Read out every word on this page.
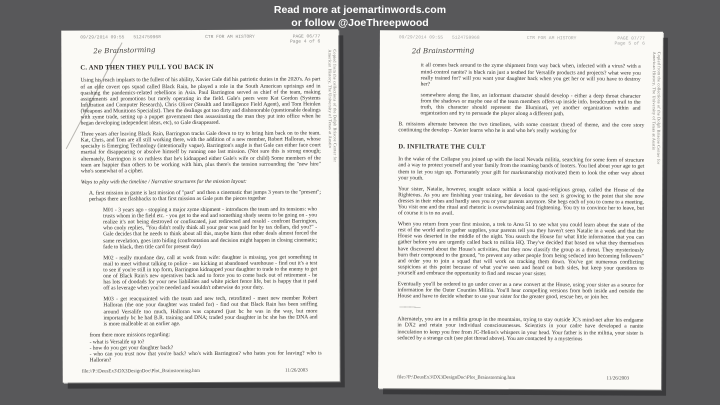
Read more at joemartinwords.com
or follow @JoeThreepwood
09/29/2014 09:55 5124759968	CTR FOR AM HISTORY	PAGE 06/77
Page 4 of 6
2e Brainstorming
C. AND THEN THEY PULL YOU BACK IN

Using his reach implants to the fullest of his ability, Xavier Gale did his patriotic duties in the 2020's. As part of an elite covert ops squad called Black Rain, he played a role in the South American uprisings and in quashing the pandemics-related rebellions in Asia. Paul Barrington served as chief of the team, making assignments and promotions but rarely operating in the field. Gale's peers were Kat Gordon (Systems Infiltration and Computer Research), Chris Oliver (Stealth and Intelligence Field Agent), and Tom Heinlen (Weapons and Munitions Specialist). Then the dealings got too dirty and dishonorable (questionable dealings with zyme trade, setting up a puppet government then assassinating the man they put into office when he began developing independent ideas, etc), so Gale disappeared.

Three years after leaving Black Rain, Barrington tracks Gale down to try to bring him back on to the team. Kat, Chris, and Tom are all still working there, with the addition of a new member, Robert Halloran, whose specialty is Emerging Technology (intentionally vague). Barrington's angle is that Gale can either face court martial for disappearing or absolve himself by running one last mission. (Not sure this is strong enough; alternately, Barrington is so ruthless that he's kidnapped either Gale's wife or child) Some members of the team are happier than others to be working with him, plus there's the tension surrounding the "new hire" who's somewhat of a cipher.

Ways to play with the timeline / Narrative structures for the mission layout:

A. first mission in game is last mission of "past" and then a cinematic that jumps 3 years to the "present"; perhaps there are flashbacks to that first mission as Gale puts the pieces together

M01 - 3 years ago - stopping a major zyme shipment - introduces the team and its tensions: who trusts whom in the field etc. - you get to the end and something shady seems to be going on - you realize it's not being destroyed or confiscated, just redirected and resold - confront Barrington, who cooly replies, "You didn't really think all your gear was paid for by tax dollars, did you?" - Gale decides that he needs to think about all this, maybe hints that other deals almost forced the same revelation, goes into hiding (confrontation and decision might happen in closing cinematic; fade to black, then title card for present day)

M02 - really mundane day, call at work from wife: daughter is missing, you get something in mail to meet without talking to police - ass kicking at abandoned warehouse - find out it's a test to see if you're still in top form, Barrington kidnapped your daughter to trade to the enemy to get one of Black Rain's new operatives back and to force you to come back out of retirement - he has lots of doodads for your new liabilities and white picket fence life, but is happy that it paid off as leverage when you're needed and wouldn't otherwise do your duty.

M03 - get reacquainted with the team and new tech, retrofitted - meet new member Robert Halloran (the one your daughter was traded for) - find out that Black Rain has been sniffing around Versalife too much, Halloran was captured (just bc he was in the way, but more importantly bc he had B.R. training and DNA; traded your daughter in bc she has the DNA and is more malleable at an earlier age.

from there more missions regarding:

- what is Versalife up to?
- how do you get your daughter back?
- who can you trust now that you're back? who's with Barrington? who hates you for leaving? who is Halloran?

file://P:\DeusEx3\DX3DesignDoc\Plot_Brainstorming.htm	11/26/2003
Copied from the collections of the Dolph Briscoe Center for
American History, The University of Texas at Austin
09/29/2014 09:55 5124759968	CTR FOR AM HISTORY	PAGE 07/77
Page 5 of 6
2d Brainstorming

it all comes back around to the zyme shipment from way back when, infected with a virus? with a mind-control nanite? is black rain just a testbed for Versalife products and projects? what were you really trained for? will you want your daughter back when you get her or will you have to destroy her?

somewhere along the line, an informant character should develop - either a deep throat character from the shadows or maybe one of the team members offers up inside info. breadcrumb trail to the truth, this character should represent the Illuminati, yet another organization within and organization and try to persuade the player along a different path.

B. missions alternate between the two timelines, with some constant thread of theme, and the core story continuing the develop - Xavier learns who he is and who he's really working for

D. INFILTRATE THE CULT

In the wake of the Collapse you joined up with the local Nevada militia, searching for some form of structure and a way to protect yourself and your family from the roaming bands of looters. You lied about your age to get them to let you sign up. Fortunately your gift for marksmanship motivated them to look the other way about your youth.

Your sister, Natalie, however, sought solace within a local quasi-religious group, called the House of the Righteous. As you are finishing your training, her devotion to the sect is growing to the point that she now dresses in their robes and hardly sees you or your parents anymore. She begs each of you to come to a meeting. You visit one and the ritual and rhetoric is overwhelming and frightening. You try to convince her to leave, but of course it is to no avail.

When you return from your first mission, a trek to Area 51 to see what you could learn about the state of the rest of the world and to gather supplies, your parents tell you they haven't seen Natalie in a week and that the House was deserted in the middle of the night. You search the House for what little information that you can gather before you are urgently called back to militia HQ. They've decided that based on what they themselves have discovered about the House's activities, that they now classify the group as a threat. They mysteriously burn their compound to the ground, "to prevent any other people from being seduced into becoming followers" and order you to join a squad that will work on tracking them down. You've got numerous conflicting suspicions at this point because of what you've seen and heard on both sides, but keep your questions to yourself and embrace the opportunity to find and rescue your sister.

Eventually you'll be ordered to go under cover as a new convert at the House, using your sister as a source for information for the Outer Counties Militia. You'll hear compelling versions from both inside and outside the House and have to decide whether to use your sister for the greater good, rescue her, or join her.

————

Alternately, you are in a militia group in the mountains, trying to stay outside JC's mind-net after his endgame in DX2 and retain your individual consciousnesses. Scientists in your cadre have developed a nanite inoculation to keep you free from JC-Helios's whispers in your head. Your father is in the militia, your sister is seduced by a strange cult (see plot thread above). You are contacted by a mysterious

file://P:\DeusEx3\DX3DesignDoc\Plot_Brainstorming.htm	11/26/2003
Copied from the collections of the Dolph Briscoe Center for
American History, The University of Texas at Austin
